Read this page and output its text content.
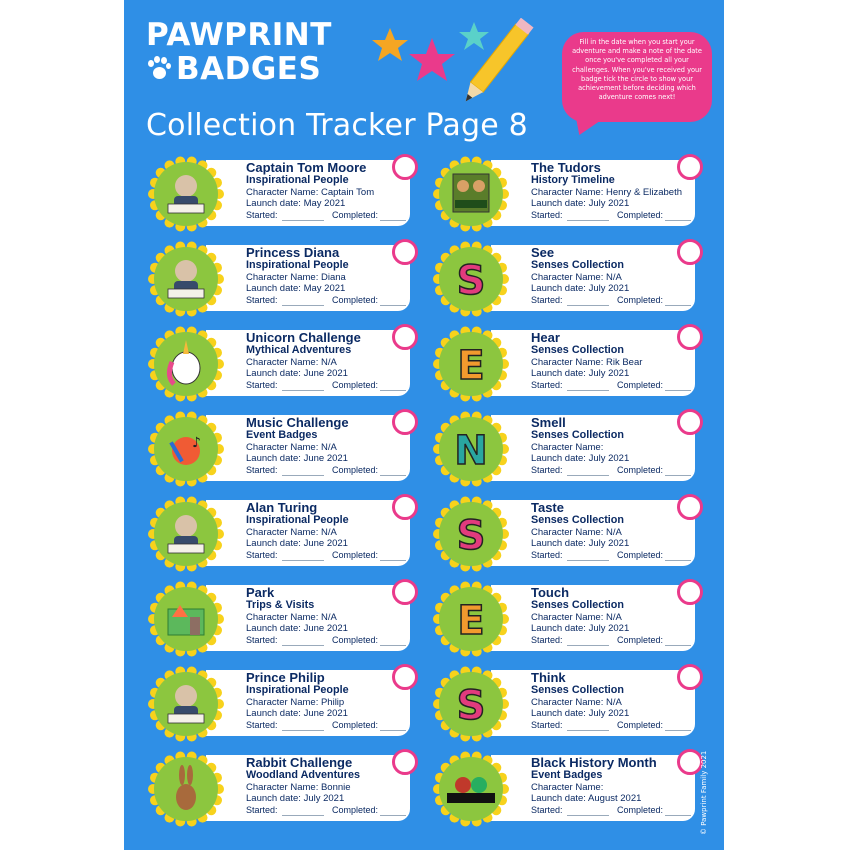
PAWPRINT
BADGES
Fill in the date when you start your adventure and make a note of the date once you've completed all your challenges. When you've received your badge tick the circle to show your achievement before deciding which adventure comes next!
Collection Tracker Page 8
Captain Tom Moore
Inspirational People
Character Name: Captain Tom
Launch date: May 2021
Started:	Completed:
The Tudors
History Timeline
Character Name: Henry & Elizabeth
Launch date: July 2021
Started:	Completed:
Princess Diana
Inspirational People
Character Name: Diana
Launch date: May 2021
Started:	Completed: S
See
Senses Collection
Character Name: N/A
Launch date: July 2021
Started:	Completed:
Unicorn Challenge
Mythical Adventures
Character Name: N/A
Launch date: June 2021
Started:	Completed: E
Hear
Senses Collection
Character Name: Rik Bear
Launch date: July 2021
Started:	Completed:
♪
Music Challenge
Event Badges
Character Name: N/A
Launch date: June 2021
Started:	Completed: N
Smell
Senses Collection
Character Name:
Launch date: July 2021
Started:	Completed:
Alan Turing
Inspirational People
Character Name: N/A
Launch date: June 2021
Started:	Completed: S
Taste
Senses Collection
Character Name: N/A
Launch date: July 2021
Started:	Completed:
Park
Trips & Visits
Character Name: N/A
Launch date: June 2021
Started:	Completed: E
Touch
Senses Collection
Character Name: N/A
Launch date: July 2021
Started:	Completed:
Prince Philip
Inspirational People
Character Name: Philip
Launch date: June 2021
Started:	Completed: S
Think
Senses Collection
Character Name: N/A
Launch date: July 2021
Started:	Completed:
Rabbit Challenge
Woodland Adventures
Character Name: Bonnie
Launch date: July 2021
Started:	Completed:
Black History Month
Event Badges
Character Name:
Launch date: August 2021
Started:	Completed:	© Pawprint Family 2021
